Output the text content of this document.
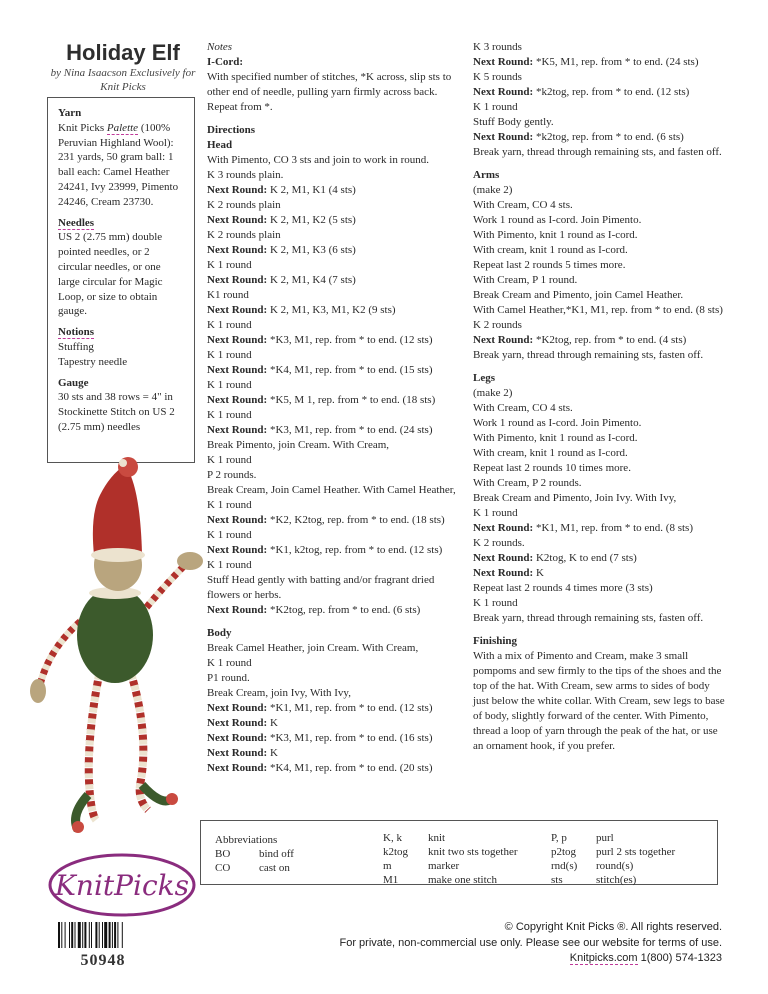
Holiday Elf
by Nina Isaacson Exclusively for Knit Picks
Yarn
Knit Picks Palette (100% Peruvian Highland Wool): 231 yards, 50 gram ball: 1 ball each: Camel Heather 24241, Ivy 23999, Pimento 24246, Cream 23730.
Needles
US 2 (2.75 mm) double pointed needles, or 2 circular needles, or one large circular for Magic Loop, or size to obtain gauge.
Notions
Stuffing
Tapestry needle
Gauge
30 sts and 38 rows = 4" in Stockinette Stitch on US 2 (2.75 mm) needles
Notes
I-Cord:
With specified number of stitches, *K across, slip sts to other end of needle, pulling yarn firmly across back. Repeat from *.
Directions
Head
With Pimento, CO 3 sts and join to work in round.
K 3 rounds plain.
Next Round: K 2, M1, K1 (4 sts)
K 2 rounds plain
Next Round: K 2, M1, K2 (5 sts)
K 2 rounds plain
Next Round: K 2, M1, K3 (6 sts)
K 1 round
Next Round: K 2, M1, K4 (7 sts)
K1 round
Next Round: K 2, M1, K3, M1, K2 (9 sts)
K 1 round
Next Round: *K3, M1, rep. from * to end. (12 sts)
K 1 round
Next Round: *K4, M1, rep. from * to end. (15 sts)
K 1 round
Next Round: *K5, M 1, rep. from * to end. (18 sts)
K 1 round
Next Round: *K3, M1, rep. from * to end. (24 sts)
Break Pimento, join Cream. With Cream,
K 1 round
P 2 rounds.
Break Cream, Join Camel Heather. With Camel Heather,
K 1 round
Next Round: *K2, K2tog, rep. from * to end. (18 sts)
K 1 round
Next Round: *K1, k2tog, rep. from * to end. (12 sts)
K 1 round
Stuff Head gently with batting and/or fragrant dried flowers or herbs.
Next Round: *K2tog, rep. from * to end. (6 sts)
Body
Break Camel Heather, join Cream. With Cream,
K 1 round
P1 round.
Break Cream, join Ivy, With Ivy,
Next Round: *K1, M1, rep. from * to end. (12 sts)
Next Round: K
Next Round: *K3, M1, rep. from * to end. (16 sts)
Next Round: K
Next Round: *K4, M1, rep. from * to end. (20 sts)
K 3 rounds
Next Round: *K5, M1, rep. from * to end. (24 sts)
K 5 rounds
Next Round: *k2tog, rep. from * to end. (12 sts)
K 1 round
Stuff Body gently.
Next Round: *k2tog, rep. from * to end. (6 sts)
Break yarn, thread through remaining sts, and fasten off.
Arms
(make 2)
With Cream, CO 4 sts.
Work 1 round as I-cord. Join Pimento.
With Pimento, knit 1 round as I-cord.
With cream, knit 1 round as I-cord.
Repeat last 2 rounds 5 times more.
With Cream, P 1 round.
Break Cream and Pimento, join Camel Heather.
With Camel Heather,*K1, M1, rep. from * to end. (8 sts)
K 2 rounds
Next Round: *K2tog, rep. from * to end. (4 sts)
Break yarn, thread through remaining sts, fasten off.
Legs
(make 2)
With Cream, CO 4 sts.
Work 1 round as I-cord. Join Pimento.
With Pimento, knit 1 round as I-cord.
With cream, knit 1 round as I-cord.
Repeat last 2 rounds 10 times more.
With Cream, P 2 rounds.
Break Cream and Pimento, Join Ivy. With Ivy,
K 1 round
Next Round: *K1, M1, rep. from * to end. (8 sts)
K 2 rounds.
Next Round: K2tog, K to end (7 sts)
Next Round: K
Repeat last 2 rounds 4 times more (3 sts)
K 1 round
Break yarn, thread through remaining sts, fasten off.
Finishing
With a mix of Pimento and Cream, make 3 small pompoms and sew firmly to the tips of the shoes and the top of the hat. With Cream, sew arms to sides of body just below the white collar. With Cream, sew legs to base of body, slightly forward of the center. With Pimento, thread a loop of yarn through the peak of the hat, or use an ornament hook, if you prefer.
Abbreviations
BO
CO
bind off
cast on
K, k
k2tog
m
M1
knit
knit two sts together
marker
make one stitch
P, p
p2tog
rnd(s)
sts
purl
purl 2 sts together
round(s)
stitch(es)
KnitPicks
50948
© Copyright Knit Picks ®. All rights reserved.
For private, non-commercial use only. Please see our website for terms of use.
Knitpicks.com 1(800) 574-1323
